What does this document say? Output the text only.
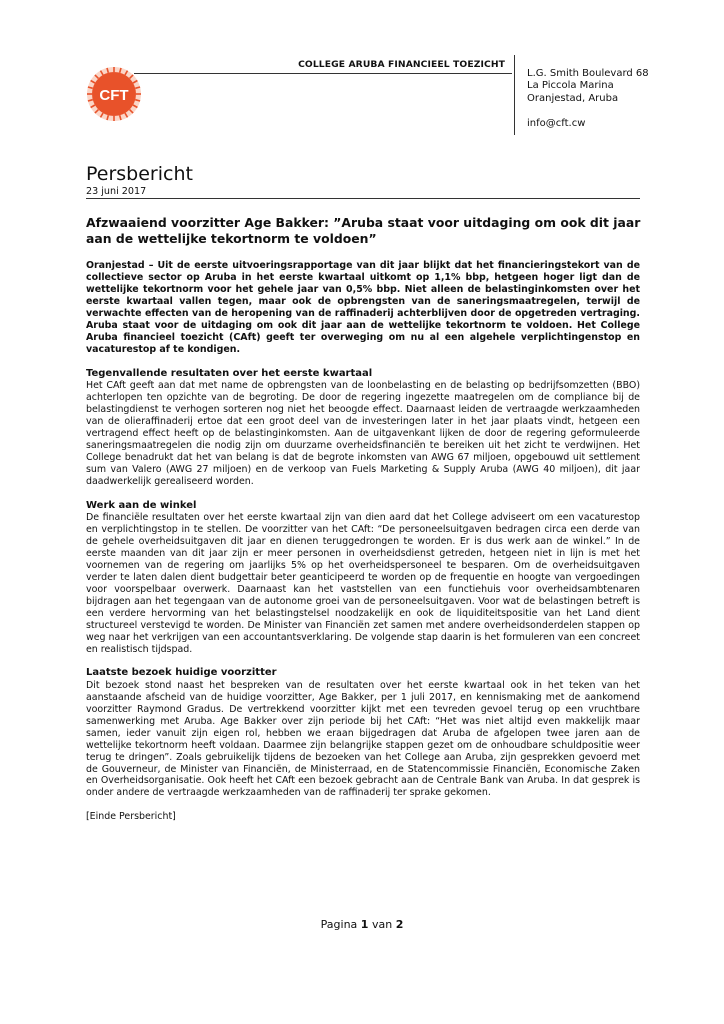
CFT

COLLEGE ARUBA FINANCIEEL TOEZICHT

L.G. Smith Boulevard 68
La Piccola Marina
Oranjestad, Aruba
info@cft.cw
Persbericht
23 juni 2017
Afzwaaiend voorzitter Age Bakker: ”Aruba staat voor uitdaging om ook dit jaar aan de wettelijke tekortnorm te voldoen”

Oranjestad – Uit de eerste uitvoeringsrapportage van dit jaar blijkt dat het financieringstekort van de collectieve sector op Aruba in het eerste kwartaal uitkomt op 1,1% bbp, hetgeen hoger ligt dan de wettelijke tekortnorm voor het gehele jaar van 0,5% bbp. Niet alleen de belastinginkomsten over het eerste kwartaal vallen tegen, maar ook de opbrengsten van de saneringsmaatregelen, terwijl de verwachte effecten van de heropening van de raffinaderij achterblijven door de opgetreden vertraging. Aruba staat voor de uitdaging om ook dit jaar aan de wettelijke tekortnorm te voldoen. Het College Aruba financieel toezicht (CAft) geeft ter overweging om nu al een algehele verplichtingenstop en vacaturestop af te kondigen.

Tegenvallende resultaten over het eerste kwartaal

Het CAft geeft aan dat met name de opbrengsten van de loonbelasting en de belasting op bedrijfsomzetten (BBO) achterlopen ten opzichte van de begroting. De door de regering ingezette maatregelen om de compliance bij de belastingdienst te verhogen sorteren nog niet het beoogde effect. Daarnaast leiden de vertraagde werkzaamheden van de olieraffinaderij ertoe dat een groot deel van de investeringen later in het jaar plaats vindt, hetgeen een vertragend effect heeft op de belastinginkomsten. Aan de uitgavenkant lijken de door de regering geformuleerde saneringsmaatregelen die nodig zijn om duurzame overheidsfinanciën te bereiken uit het zicht te verdwijnen. Het College benadrukt dat het van belang is dat de begrote inkomsten van AWG 67 miljoen, opgebouwd uit settlement sum van Valero (AWG 27 miljoen) en de verkoop van Fuels Marketing & Supply Aruba (AWG 40 miljoen), dit jaar daadwerkelijk gerealiseerd worden.

Werk aan de winkel

De financiële resultaten over het eerste kwartaal zijn van dien aard dat het College adviseert om een vacaturestop en verplichtingstop in te stellen. De voorzitter van het CAft: “De personeelsuitgaven bedragen circa een derde van de gehele overheidsuitgaven dit jaar en dienen teruggedrongen te worden. Er is dus werk aan de winkel.” In de eerste maanden van dit jaar zijn er meer personen in overheidsdienst getreden, hetgeen niet in lijn is met het voornemen van de regering om jaarlijks 5% op het overheidspersoneel te besparen. Om de overheidsuitgaven verder te laten dalen dient budgettair beter geanticipeerd te worden op de frequentie en hoogte van vergoedingen voor voorspelbaar overwerk. Daarnaast kan het vaststellen van een functiehuis voor overheidsambtenaren bijdragen aan het tegengaan van de autonome groei van de personeelsuitgaven. Voor wat de belastingen betreft is een verdere hervorming van het belastingstelsel noodzakelijk en ook de liquiditeitspositie van het Land dient structureel verstevigd te worden. De Minister van Financiën zet samen met andere overheidsonderdelen stappen op weg naar het verkrijgen van een accountantsverklaring. De volgende stap daarin is het formuleren van een concreet en realistisch tijdspad.

Laatste bezoek huidige voorzitter

Dit bezoek stond naast het bespreken van de resultaten over het eerste kwartaal ook in het teken van het aanstaande afscheid van de huidige voorzitter, Age Bakker, per 1 juli 2017, en kennismaking met de aankomend voorzitter Raymond Gradus. De vertrekkend voorzitter kijkt met een tevreden gevoel terug op een vruchtbare samenwerking met Aruba. Age Bakker over zijn periode bij het CAft: “Het was niet altijd even makkelijk maar samen, ieder vanuit zijn eigen rol, hebben we eraan bijgedragen dat Aruba de afgelopen twee jaren aan de wettelijke tekortnorm heeft voldaan. Daarmee zijn belangrijke stappen gezet om de onhoudbare schuldpositie weer terug te dringen”. Zoals gebruikelijk tijdens de bezoeken van het College aan Aruba, zijn gesprekken gevoerd met de Gouverneur, de Minister van Financiën, de Ministerraad, en de Statencommissie Financiën, Economische Zaken en Overheidsorganisatie. Ook heeft het CAft een bezoek gebracht aan de Centrale Bank van Aruba. In dat gesprek is onder andere de vertraagde werkzaamheden van de raffinaderij ter sprake gekomen.

[Einde Persbericht]

Pagina 1 van 2
